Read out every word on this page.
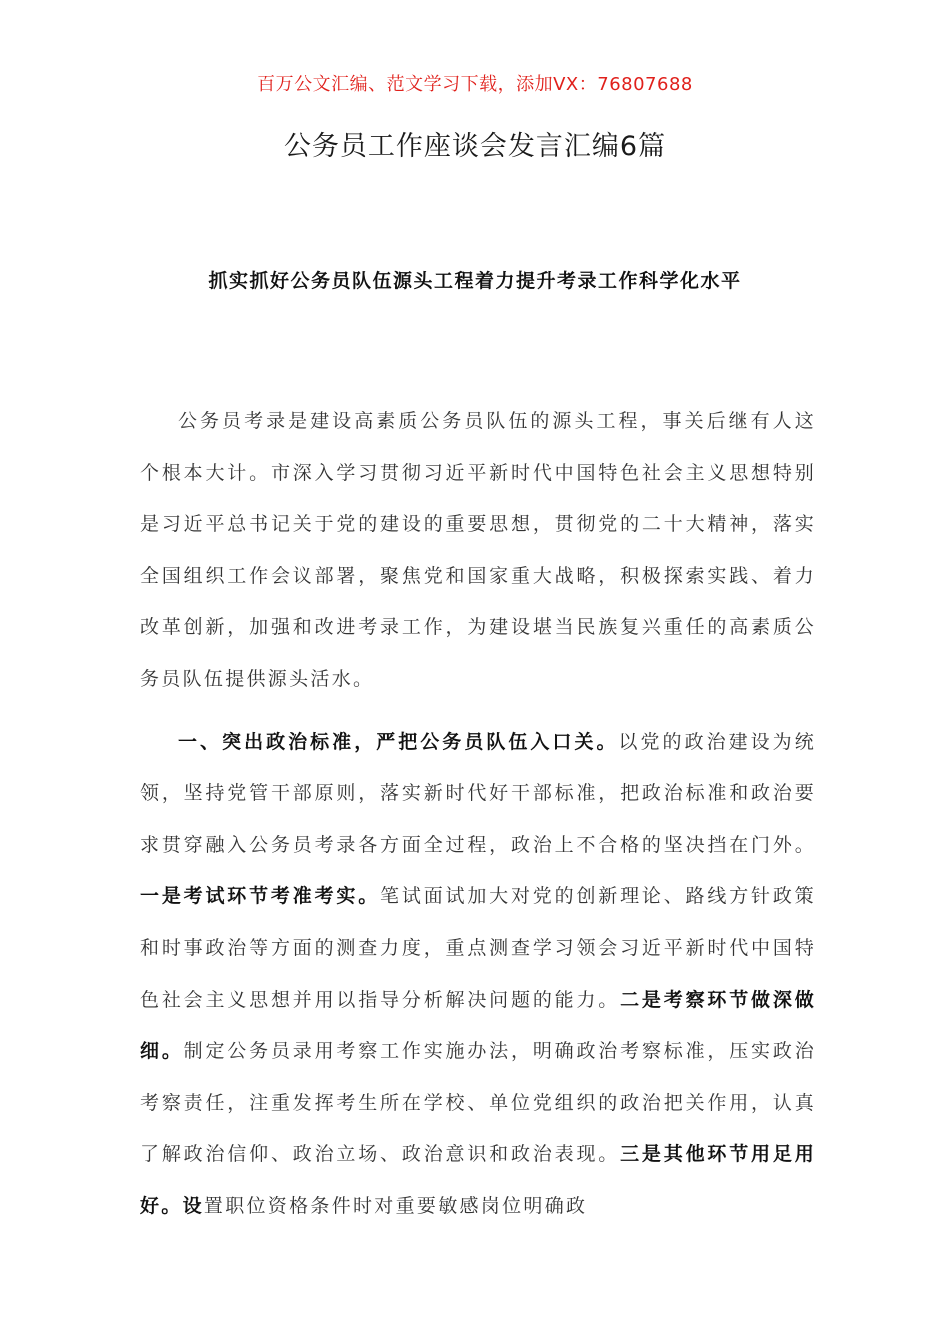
百万公文汇编、范文学习下载，添加VX：76807688
公务员工作座谈会发言汇编6篇
抓实抓好公务员队伍源头工程着力提升考录工作科学化水平

公务员考录是建设高素质公务员队伍的源头工程，事关后继有人这个根本大计。市深入学习贯彻习近平新时代中国特色社会主义思想特别是习近平总书记关于党的建设的重要思想，贯彻党的二十大精神，落实全国组织工作会议部署，聚焦党和国家重大战略，积极探索实践、着力改革创新，加强和改进考录工作，为建设堪当民族复兴重任的高素质公务员队伍提供源头活水。

一、突出政治标准，严把公务员队伍入口关。以党的政治建设为统领，坚持党管干部原则，落实新时代好干部标准，把政治标准和政治要求贯穿融入公务员考录各方面全过程，政治上不合格的坚决挡在门外。一是考试环节考准考实。笔试面试加大对党的创新理论、路线方针政策和时事政治等方面的测查力度，重点测查学习领会习近平新时代中国特色社会主义思想并用以指导分析解决问题的能力。二是考察环节做深做细。制定公务员录用考察工作实施办法，明确政治考察标准，压实政治考察责任，注重发挥考生所在学校、单位党组织的政治把关作用，认真了解政治信仰、政治立场、政治意识和政治表现。三是其他环节用足用好。设置职位资格条件时对重要敏感岗位明确政
